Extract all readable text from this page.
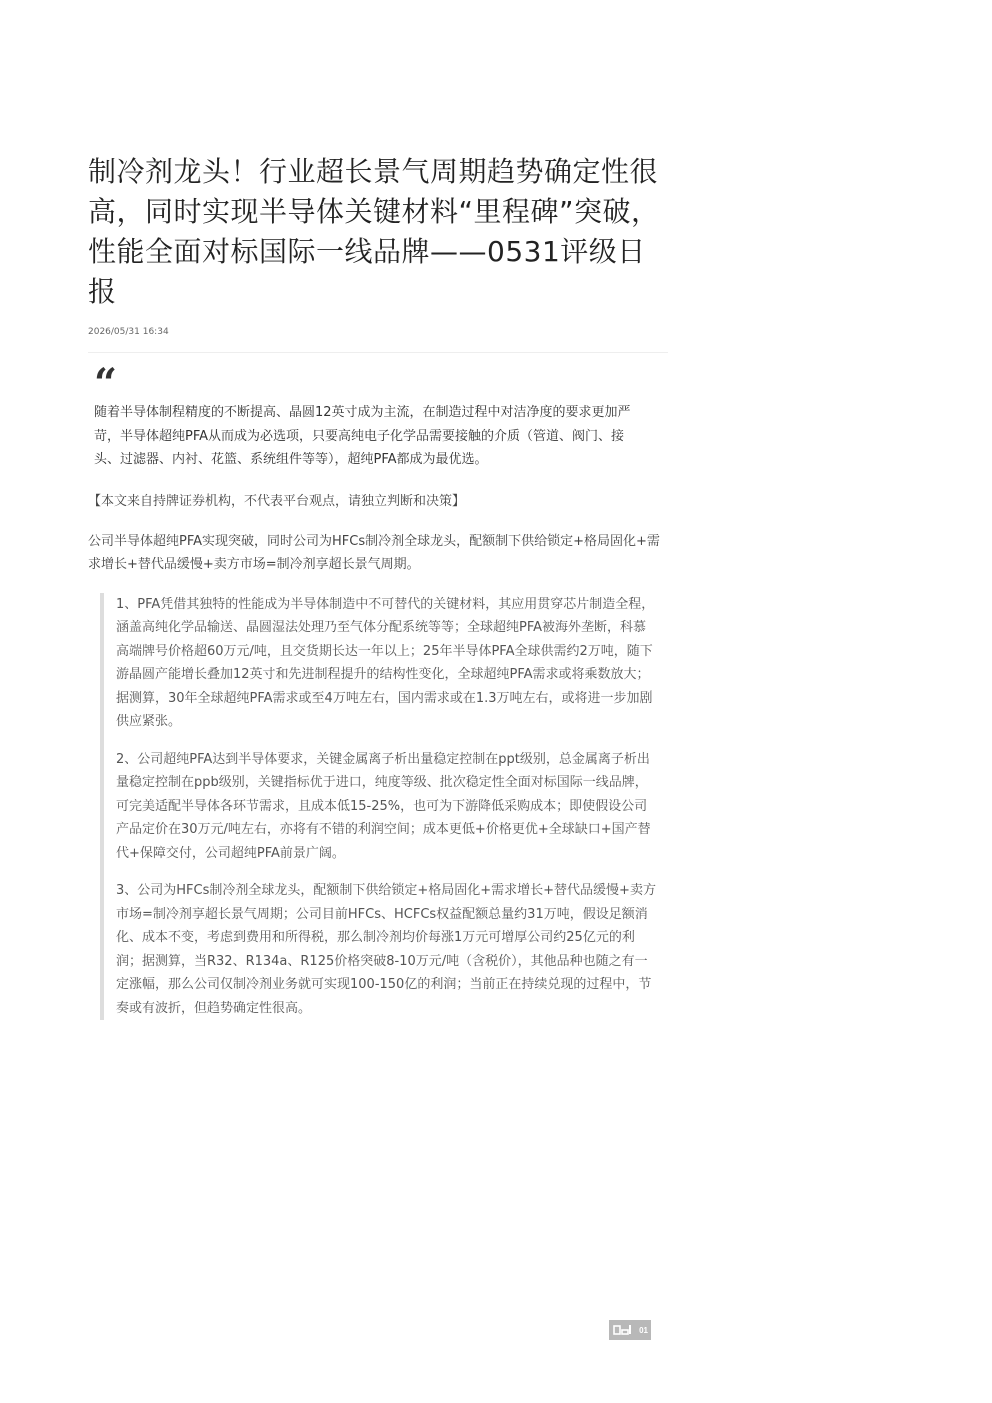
制冷剂龙头！行业超长景气周期趋势确定性很高，同时实现半导体关键材料“里程碑”突破，性能全面对标国际一线品牌——0531评级日报
2026/05/31 16:34
“
随着半导体制程精度的不断提高、晶圆12英寸成为主流，在制造过程中对洁净度的要求更加严苛，半导体超纯PFA从而成为必选项，只要高纯电子化学品需要接触的介质（管道、阀门、接头、过滤器、内衬、花篮、系统组件等等），超纯PFA都成为最优选。
【本文来自持牌证券机构，不代表平台观点，请独立判断和决策】
公司半导体超纯PFA实现突破，同时公司为HFCs制冷剂全球龙头，配额制下供给锁定+格局固化+需求增长+替代品缓慢+卖方市场=制冷剂享超长景气周期。

1、PFA凭借其独特的性能成为半导体制造中不可替代的关键材料，其应用贯穿芯片制造全程，涵盖高纯化学品输送、晶圆湿法处理乃至气体分配系统等等；全球超纯PFA被海外垄断，科慕高端牌号价格超60万元/吨，且交货期长达一年以上；25年半导体PFA全球供需约2万吨，随下游晶圆产能增长叠加12英寸和先进制程提升的结构性变化，全球超纯PFA需求或将乘数放大；据测算，30年全球超纯PFA需求或至4万吨左右，国内需求或在1.3万吨左右，或将进一步加剧供应紧张。

2、公司超纯PFA达到半导体要求，关键金属离子析出量稳定控制在ppt级别，总金属离子析出量稳定控制在ppb级别，关键指标优于进口，纯度等级、批次稳定性全面对标国际一线品牌，可完美适配半导体各环节需求，且成本低15-25%，也可为下游降低采购成本；即使假设公司产品定价在30万元/吨左右，亦将有不错的利润空间；成本更低+价格更优+全球缺口+国产替代+保障交付，公司超纯PFA前景广阔。

3、公司为HFCs制冷剂全球龙头，配额制下供给锁定+格局固化+需求增长+替代品缓慢+卖方市场=制冷剂享超长景气周期；公司目前HFCs、HCFCs权益配额总量约31万吨，假设足额消化、成本不变，考虑到费用和所得税，那么制冷剂均价每涨1万元可增厚公司约25亿元的利润；据测算，当R32、R134a、R125价格突破8-10万元/吨（含税价），其他品种也随之有一定涨幅，那么公司仅制冷剂业务就可实现100-150亿的利润；当前正在持续兑现的过程中，节奏或有波折，但趋势确定性很高。

01
